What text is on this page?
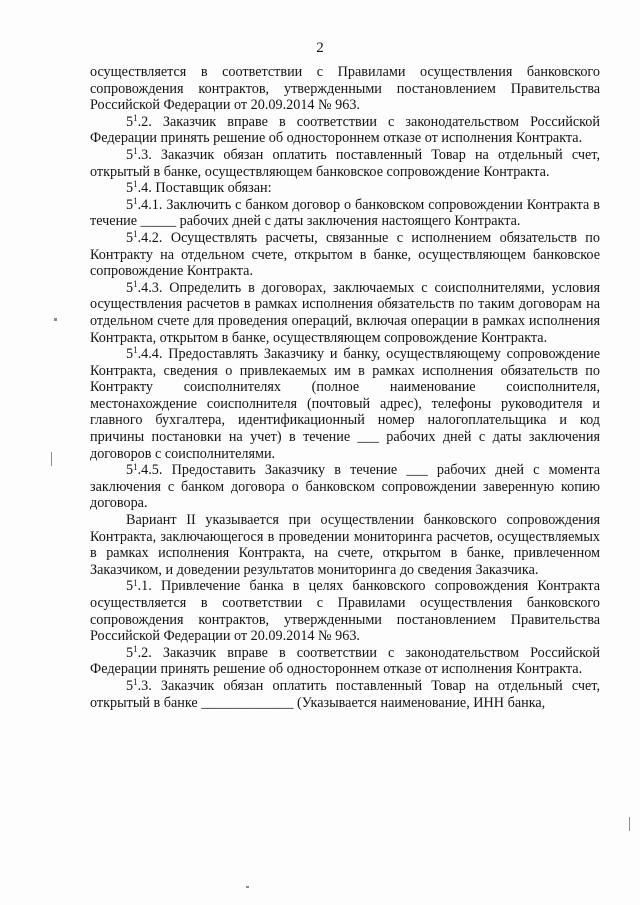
2

осуществляется в соответствии с Правилами осуществления банковского сопровождения контрактов, утвержденными постановлением Правительства Российской Федерации от 20.09.2014 № 963.

$5^1.2$. Заказчик вправе в соответствии с законодательством Российской Федерации принять решение об одностороннем отказе от исполнения Контракта.

$5^1.3$. Заказчик обязан оплатить поставленный Товар на отдельный счет, открытый в банке, осуществляющем банковское сопровождение Контракта.

$5^1.4$. Поставщик обязан:

$5^1.4.1$. Заключить с банком договор о банковском сопровождении Контракта в течение _____ рабочих дней с даты заключения настоящего Контракта.

$5^1.4.2$. Осуществлять расчеты, связанные с исполнением обязательств по Контракту на отдельном счете, открытом в банке, осуществляющем банковское сопровождение Контракта.

$5^1.4.3$. Определить в договорах, заключаемых с соисполнителями, условия осуществления расчетов в рамках исполнения обязательств по таким договорам на отдельном счете для проведения операций, включая операции в рамках исполнения Контракта, открытом в банке, осуществляющем сопровождение Контракта.

$5^1.4.4$. Предоставлять Заказчику и банку, осуществляющему сопровождение Контракта, сведения о привлекаемых им в рамках исполнения обязательств по Контракту соисполнителях (полное наименование соисполнителя, местонахождение соисполнителя (почтовый адрес), телефоны руководителя и главного бухгалтера, идентификационный номер налогоплательщика и код причины постановки на учет) в течение ___ рабочих дней с даты заключения договоров с соисполнителями.

$5^1.4.5$. Предоставить Заказчику в течение ___ рабочих дней с момента заключения с банком договора о банковском сопровождении заверенную копию договора.

Вариант II указывается при осуществлении банковского сопровождения Контракта, заключающегося в проведении мониторинга расчетов, осуществляемых в рамках исполнения Контракта, на счете, открытом в банке, привлеченном Заказчиком, и доведении результатов мониторинга до сведения Заказчика.

$5^1.1$. Привлечение банка в целях банковского сопровождения Контракта осуществляется в соответствии с Правилами осуществления банковского сопровождения контрактов, утвержденными постановлением Правительства Российской Федерации от 20.09.2014 № 963.

$5^1.2$. Заказчик вправе в соответствии с законодательством Российской Федерации принять решение об одностороннем отказе от исполнения Контракта.

$5^1.3$. Заказчик обязан оплатить поставленный Товар на отдельный счет, открытый в банке _____________ (Указывается наименование, ИНН банка,
